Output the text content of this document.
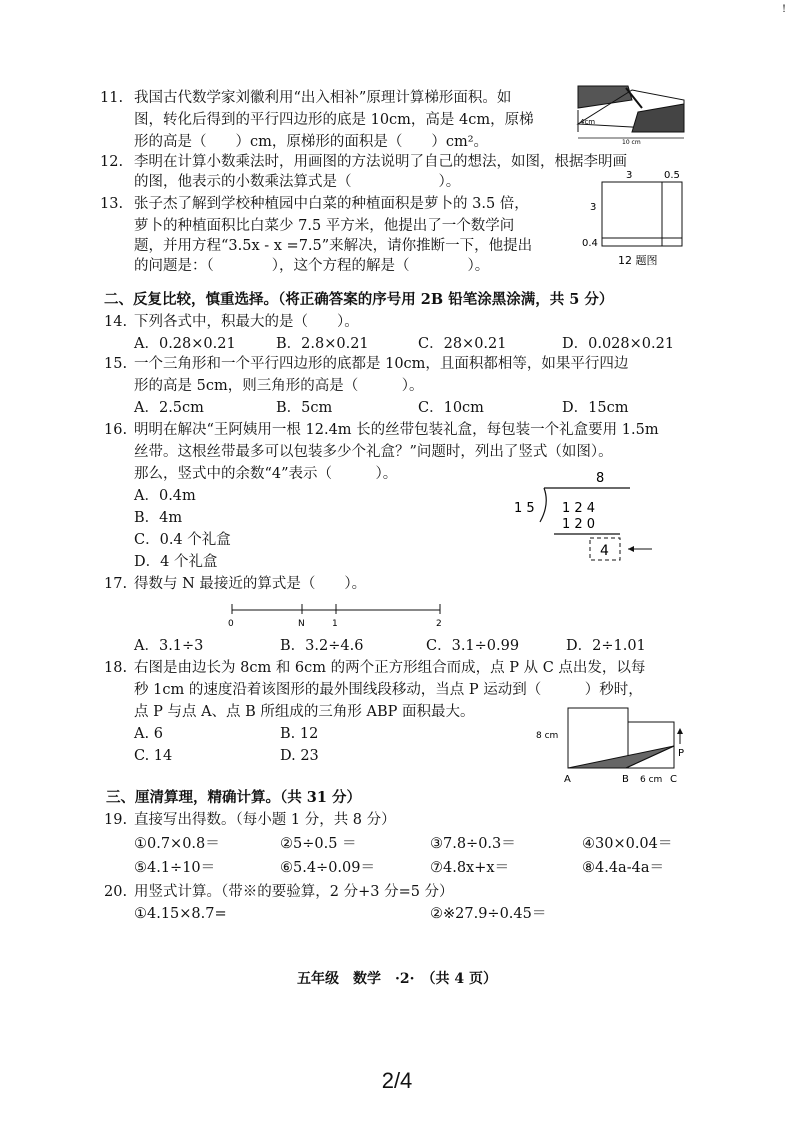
!
11. 我国古代数学家刘徽利用“出入相补”原理计算梯形面积。如
图，转化后得到的平行四边形的底是 10cm，高是 4cm，原梯
形的高是（　　）cm，原梯形的面积是（　　）cm²。
4cm
10 cm
12. 李明在计算小数乘法时，用画图的方法说明了自己的想法，如图，根据李明画
的图，他表示的小数乘法算式是（　　　　　　）。
13. 张子杰了解到学校种植园中白菜的种植面积是萝卜的 3.5 倍，
萝卜的种植面积比白菜少 7.5 平方米，他提出了一个数学问
题，并用方程“3.5x - x =7.5”来解决，请你推断一下，他提出
的问题是：（　　　　），这个方程的解是（　　　　）。
3	0.5
3
0.4
12 题图
二、反复比较，慎重选择。（将正确答案的序号用 2B 铅笔涂黑涂满，共 5 分）
14. 下列各式中，积最大的是（　　）。
A．0.28×0.21	B．2.8×0.21	C．28×0.21	D．0.028×0.21
15. 一个三角形和一个平行四边形的底都是 10cm，且面积都相等，如果平行四边
形的高是 5cm，则三角形的高是（　　　）。
A．2.5cm	B．5cm	C．10cm	D．15cm
16. 明明在解决“王阿姨用一根 12.4m 长的丝带包装礼盒，每包装一个礼盒要用 1.5m
丝带。这根丝带最多可以包装多少个礼盒？”问题时，列出了竖式（如图）。
那么，竖式中的余数“4”表示（　　　）。
A．0.4m
B．4m
C．0.4 个礼盒
D．4 个礼盒
8
1 5 1 2 4
1 2 0
4
17. 得数与 N 最接近的算式是（　　）。
0	N	1	2
A．3.1÷3	B．3.2÷4.6	C．3.1÷0.99	D．2÷1.01
18. 右图是由边长为 8cm 和 6cm 的两个正方形组合而成，点 P 从 C 点出发，以每
秒 1cm 的速度沿着该图形的最外围线段移动，当点 P 运动到（　　　）秒时，
点 P 与点 A、点 B 所组成的三角形 ABP 面积最大。
A. 6	B. 12
C. 14	D. 23
8 cm
A	B 6 cm C
P
三、厘清算理，精确计算。（共 31 分）
19. 直接写出得数。（每小题 1 分，共 8 分）
①0.7×0.8＝	②5÷0.5 ＝	③7.8÷0.3＝	④30×0.04＝
⑤4.1÷10＝	⑥5.4÷0.09＝	⑦4.8x+x＝	⑧4.4a-4a＝
20. 用竖式计算。（带※的要验算，2 分+3 分=5 分）
①4.15×8.7=	②※27.9÷0.45＝
五年级　数学　·2·　（共 4 页）
2/4
